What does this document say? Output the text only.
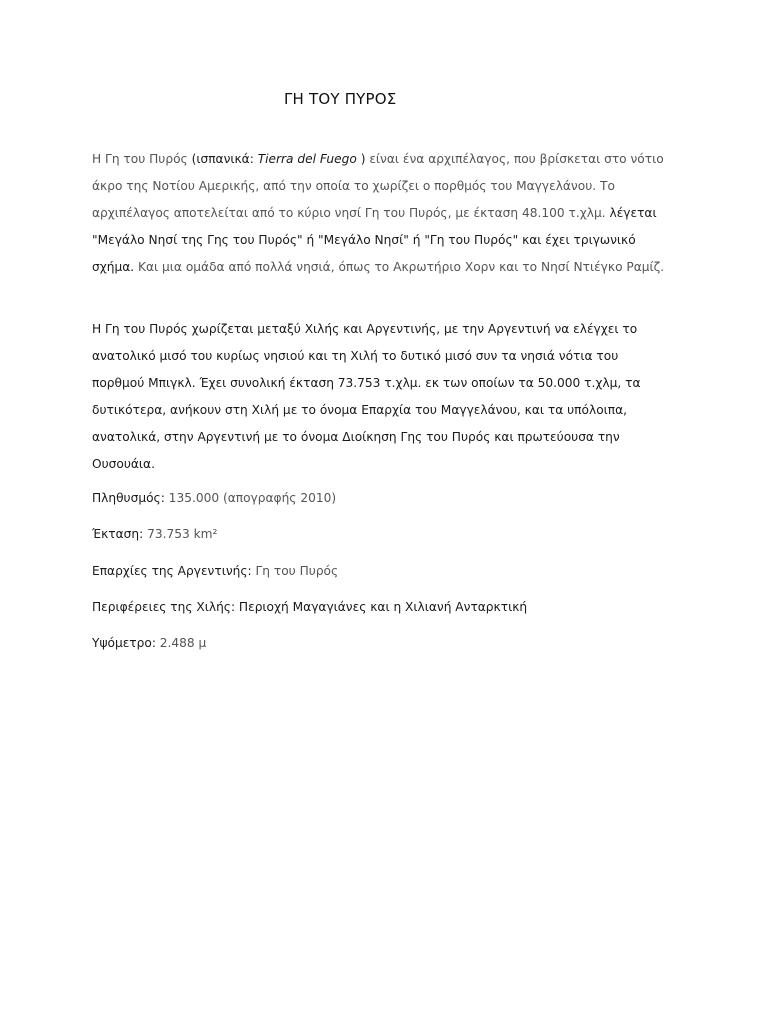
ΓΗ ΤΟΥ ΠΥΡΟΣ

Η Γη του Πυρός (ισπανικά: Tierra del Fuego ) είναι ένα αρχιπέλαγος, που βρίσκεται στο νότιο άκρο της Νοτίου Αμερικής, από την οποία το χωρίζει ο πορθμός του Μαγγελάνου. Το αρχιπέλαγος αποτελείται από το κύριο νησί Γη του Πυρός, με έκταση 48.100 τ.χλμ. λέγεται "Μεγάλο Νησί της Γης του Πυρός" ή "Μεγάλο Νησί" ή "Γη του Πυρός" και έχει τριγωνικό σχήμα. Και μια ομάδα από πολλά νησιά, όπως το Ακρωτήριο Χορν και το Νησί Ντιέγκο Ραμίζ.

Η Γη του Πυρός χωρίζεται μεταξύ Χιλής και Αργεντινής, με την Αργεντινή να ελέγχει το ανατολικό μισό του κυρίως νησιού και τη Χιλή το δυτικό μισό συν τα νησιά νότια του πορθμού Μπιγκλ. Έχει συνολική έκταση 73.753 τ.χλμ. εκ των οποίων τα 50.000 τ.χλμ, τα δυτικότερα, ανήκουν στη Χιλή με το όνομα Επαρχία του Μαγγελάνου, και τα υπόλοιπα, ανατολικά, στην Αργεντινή με το όνομα Διοίκηση Γης του Πυρός και πρωτεύουσα την Ουσουάια.

Πληθυσμός: 135.000 (απογραφής 2010)

Έκταση: 73.753 km²

Επαρχίες της Αργεντινής: Γη του Πυρός

Περιφέρειες της Χιλής: Περιοχή Μαγαγιάνες και η Χιλιανή Ανταρκτική

Υψόμετρο: 2.488 μ
